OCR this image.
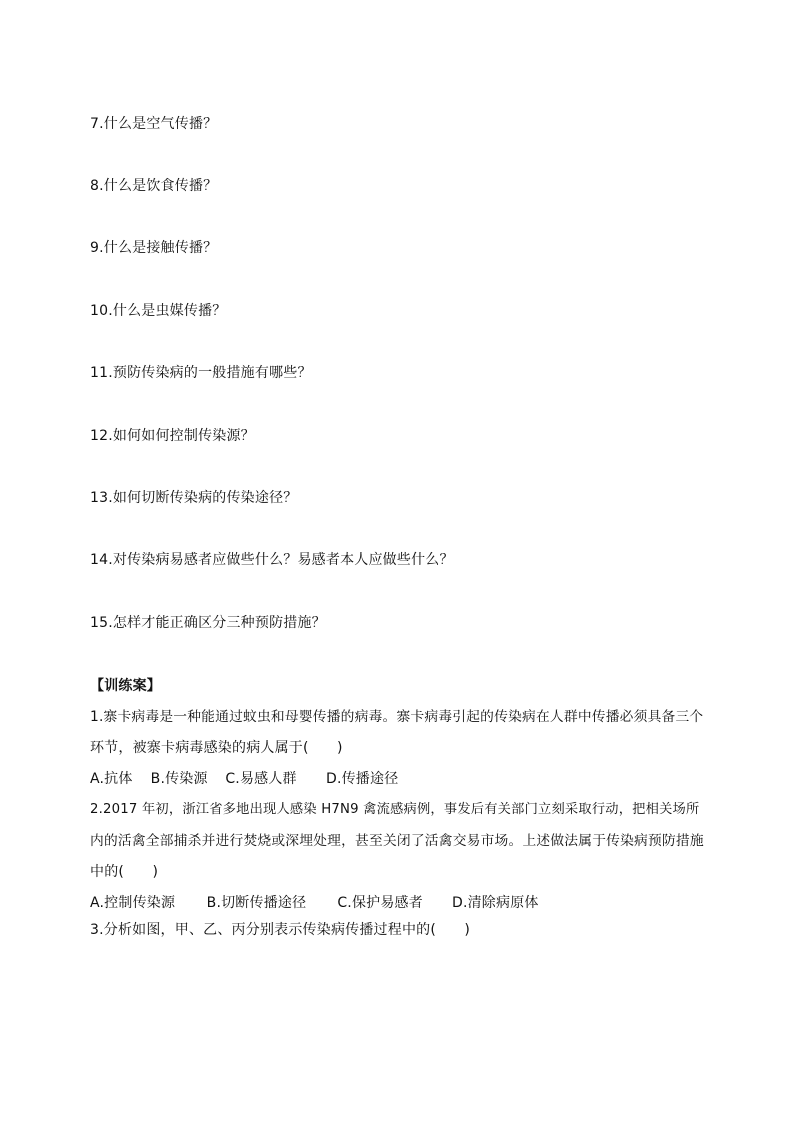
7.什么是空气传播？
8.什么是饮食传播？
9.什么是接触传播？
10.什么是虫媒传播？
11.预防传染病的一般措施有哪些？
12.如何如何控制传染源？
13.如何切断传染病的传染途径？
14.对传染病易感者应做些什么？易感者本人应做些什么？
15.怎样才能正确区分三种预防措施？
【训练案】
1.寨卡病毒是一种能通过蚊虫和母婴传播的病毒。寨卡病毒引起的传染病在人群中传播必须具备三个
环节，被寨卡病毒感染的病人属于(　　)
A.抗体 B.传染源 C.易感人群 D.传播途径
2.2017 年初，浙江省多地出现人感染 H7N9 禽流感病例，事发后有关部门立刻采取行动，把相关场所
内的活禽全部捕杀并进行焚烧或深埋处理，甚至关闭了活禽交易市场。上述做法属于传染病预防措施
中的(　　)
A.控制传染源 B.切断传播途径 C.保护易感者 D.清除病原体
3.分析如图，甲、乙、丙分别表示传染病传播过程中的(　　)
